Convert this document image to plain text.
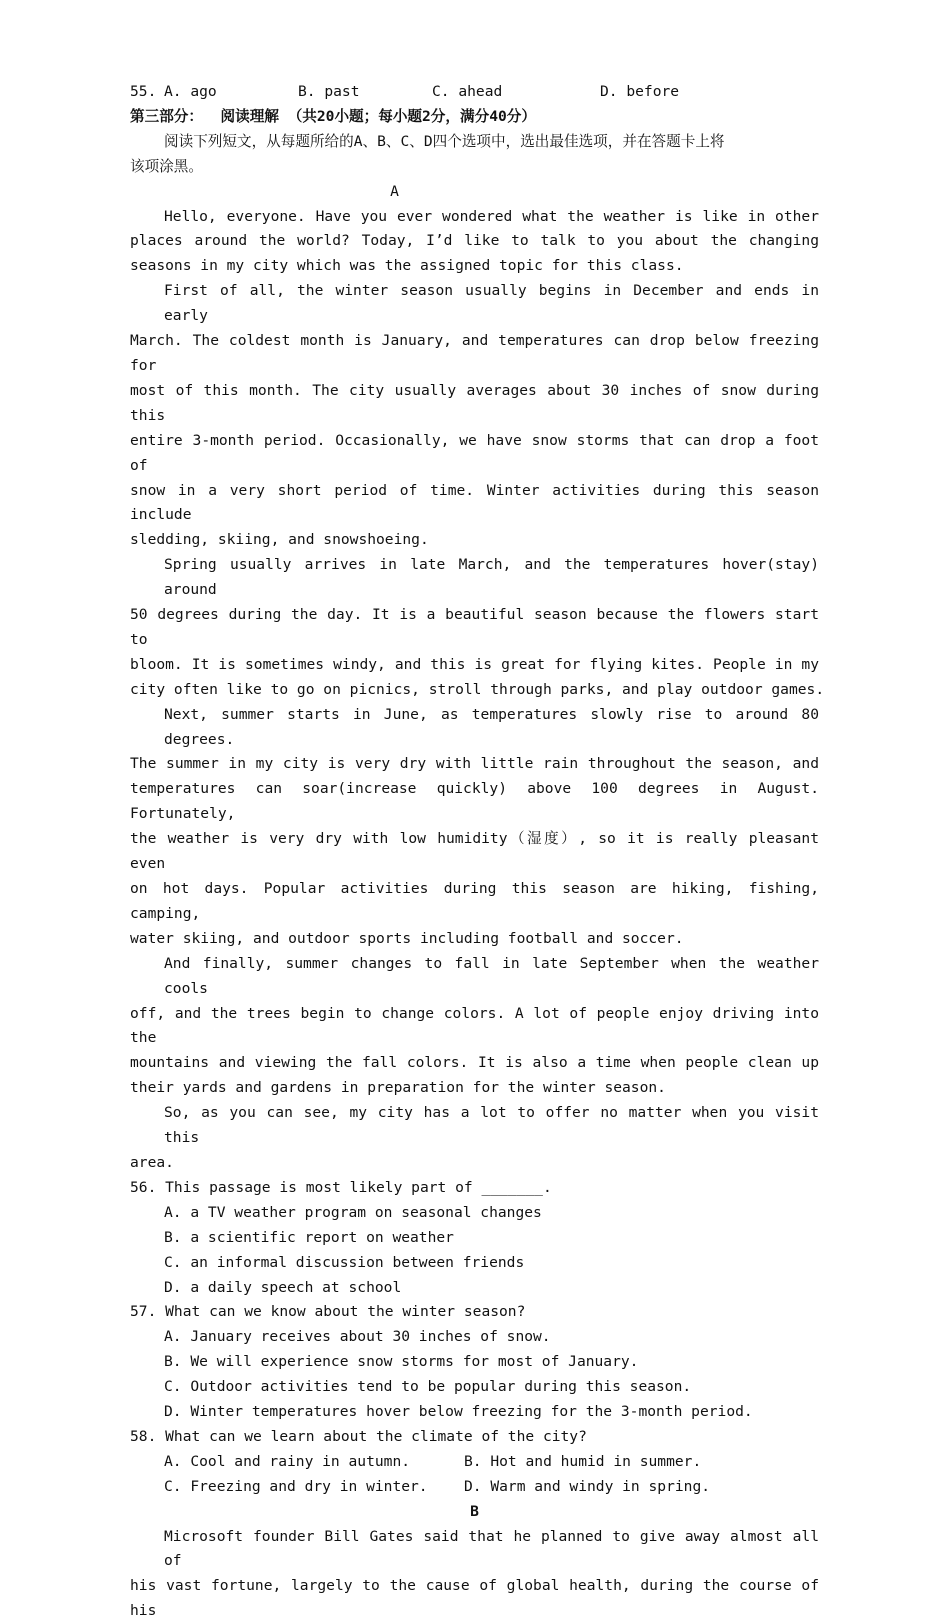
55. A. ago	B. past	C. ahead	D. before
第三部分：  阅读理解 （共20小题；每小题2分，满分40分）
阅读下列短文，从每题所给的A、B、C、D四个选项中，选出最佳选项，并在答题卡上将
该项涂黑。
A
Hello, everyone. Have you ever wondered what the weather is like in other
places around the world? Today, I’d like to talk to you about the changing
seasons in my city which was the assigned topic for this class.
First of all, the winter season usually begins in December and ends in early
March. The coldest month is January, and temperatures can drop below freezing for
most of this month. The city usually averages about 30 inches of snow during this
entire 3-month period. Occasionally, we have snow storms that can drop a foot of
snow in a very short period of time. Winter activities during this season include
sledding, skiing, and snowshoeing.
Spring usually arrives in late March, and the temperatures hover(stay) around
50 degrees during the day. It is a beautiful season because the flowers start to
bloom. It is sometimes windy, and this is great for flying kites. People in my
city often like to go on picnics, stroll through parks, and play outdoor games.
Next, summer starts in June, as temperatures slowly rise to around 80 degrees.
The summer in my city is very dry with little rain throughout the season, and
temperatures can soar(increase quickly) above 100 degrees in August. Fortunately,
the weather is very dry with low humidity（湿度）, so it is really pleasant even
on hot days. Popular activities during this season are hiking, fishing, camping,
water skiing, and outdoor sports including football and soccer.
And finally, summer changes to fall in late September when the weather cools
off, and the trees begin to change colors. A lot of people enjoy driving into the
mountains and viewing the fall colors. It is also a time when people clean up
their yards and gardens in preparation for the winter season.
So, as you can see, my city has a lot to offer no matter when you visit this
area.
56. This passage is most likely part of _______.
A. a TV weather program on seasonal changes
B. a scientific report on weather
C. an informal discussion between friends
D. a daily speech at school
57. What can we know about the winter season?
A. January receives about 30 inches of snow.
B. We will experience snow storms for most of January.
C. Outdoor activities tend to be popular during this season.
D. Winter temperatures hover below freezing for the 3-month period.
58. What can we learn about the climate of the city?
A. Cool and rainy in autumn.	B. Hot and humid in summer.
C. Freezing and dry in winter.	D. Warm and windy in spring.
B
Microsoft founder Bill Gates said that he planned to give away almost all of
his vast fortune, largely to the cause of global health, during the course of his
